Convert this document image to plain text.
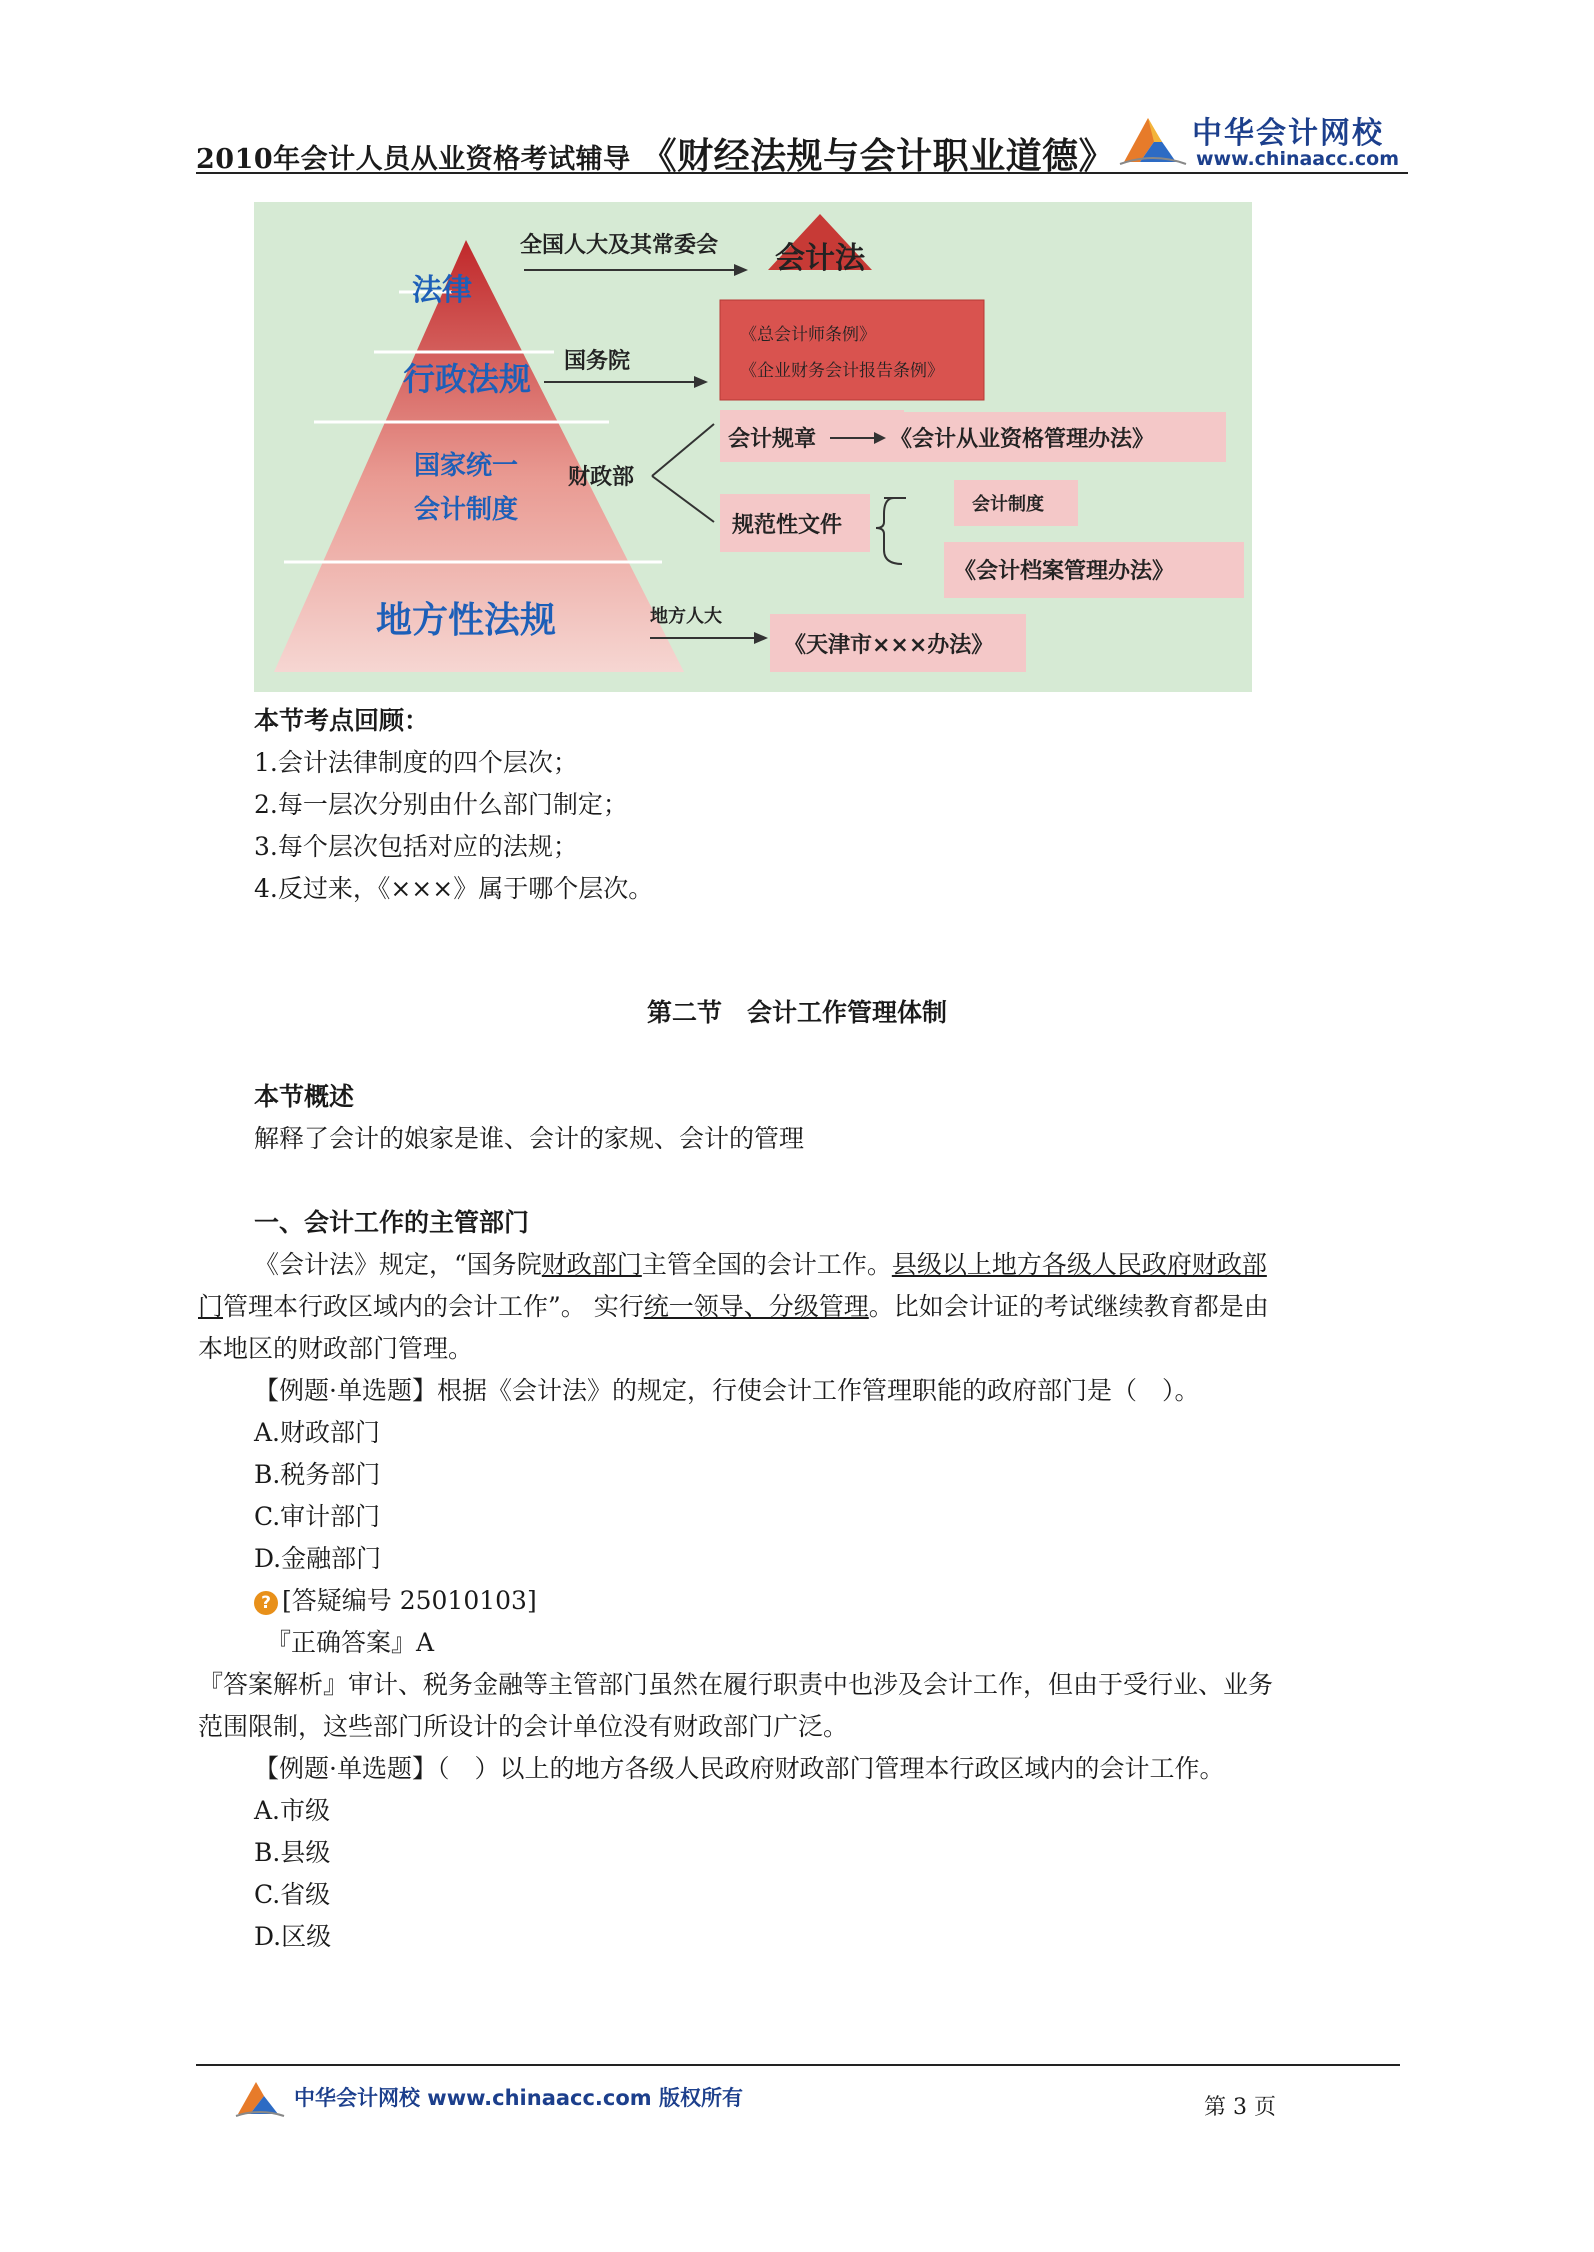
2010年会计人员从业资格考试辅导 《财经法规与会计职业道德》
中华会计网校
www.chinaacc.com
法律
行政法规
国家统一
会计制度
地方性法规
全国人大及其常委会
国务院
财政部
地方人大
会计法
《总会计师条例》
《企业财务会计报告条例》
会计规章	《会计从业资格管理办法》
规范性文件
会计制度
《会计档案管理办法》
《天津市×××办法》
本节考点回顾：
1.会计法律制度的四个层次；
2.每一层次分别由什么部门制定；
3.每个层次包括对应的法规；
4.反过来，《×××》属于哪个层次。
第二节　会计工作管理体制
本节概述
解释了会计的娘家是谁、会计的家规、会计的管理
一、会计工作的主管部门
《会计法》规定，“国务院财政部门主管全国的会计工作。县级以上地方各级人民政府财政部
门管理本行政区域内的会计工作”。 实行统一领导、分级管理。比如会计证的考试继续教育都是由
本地区的财政部门管理。
【例题·单选题】根据《会计法》的规定，行使会计工作管理职能的政府部门是（　）。
A.财政部门
B.税务部门
C.审计部门
D.金融部门
? [答疑编号 25010103]
『正确答案』A
『答案解析』审计、税务金融等主管部门虽然在履行职责中也涉及会计工作，但由于受行业、业务
范围限制，这些部门所设计的会计单位没有财政部门广泛。
【例题·单选题】（　）以上的地方各级人民政府财政部门管理本行政区域内的会计工作。
A.市级
B.县级
C.省级
D.区级
中华会计网校 www.chinaacc.com 版权所有	第 3 页
